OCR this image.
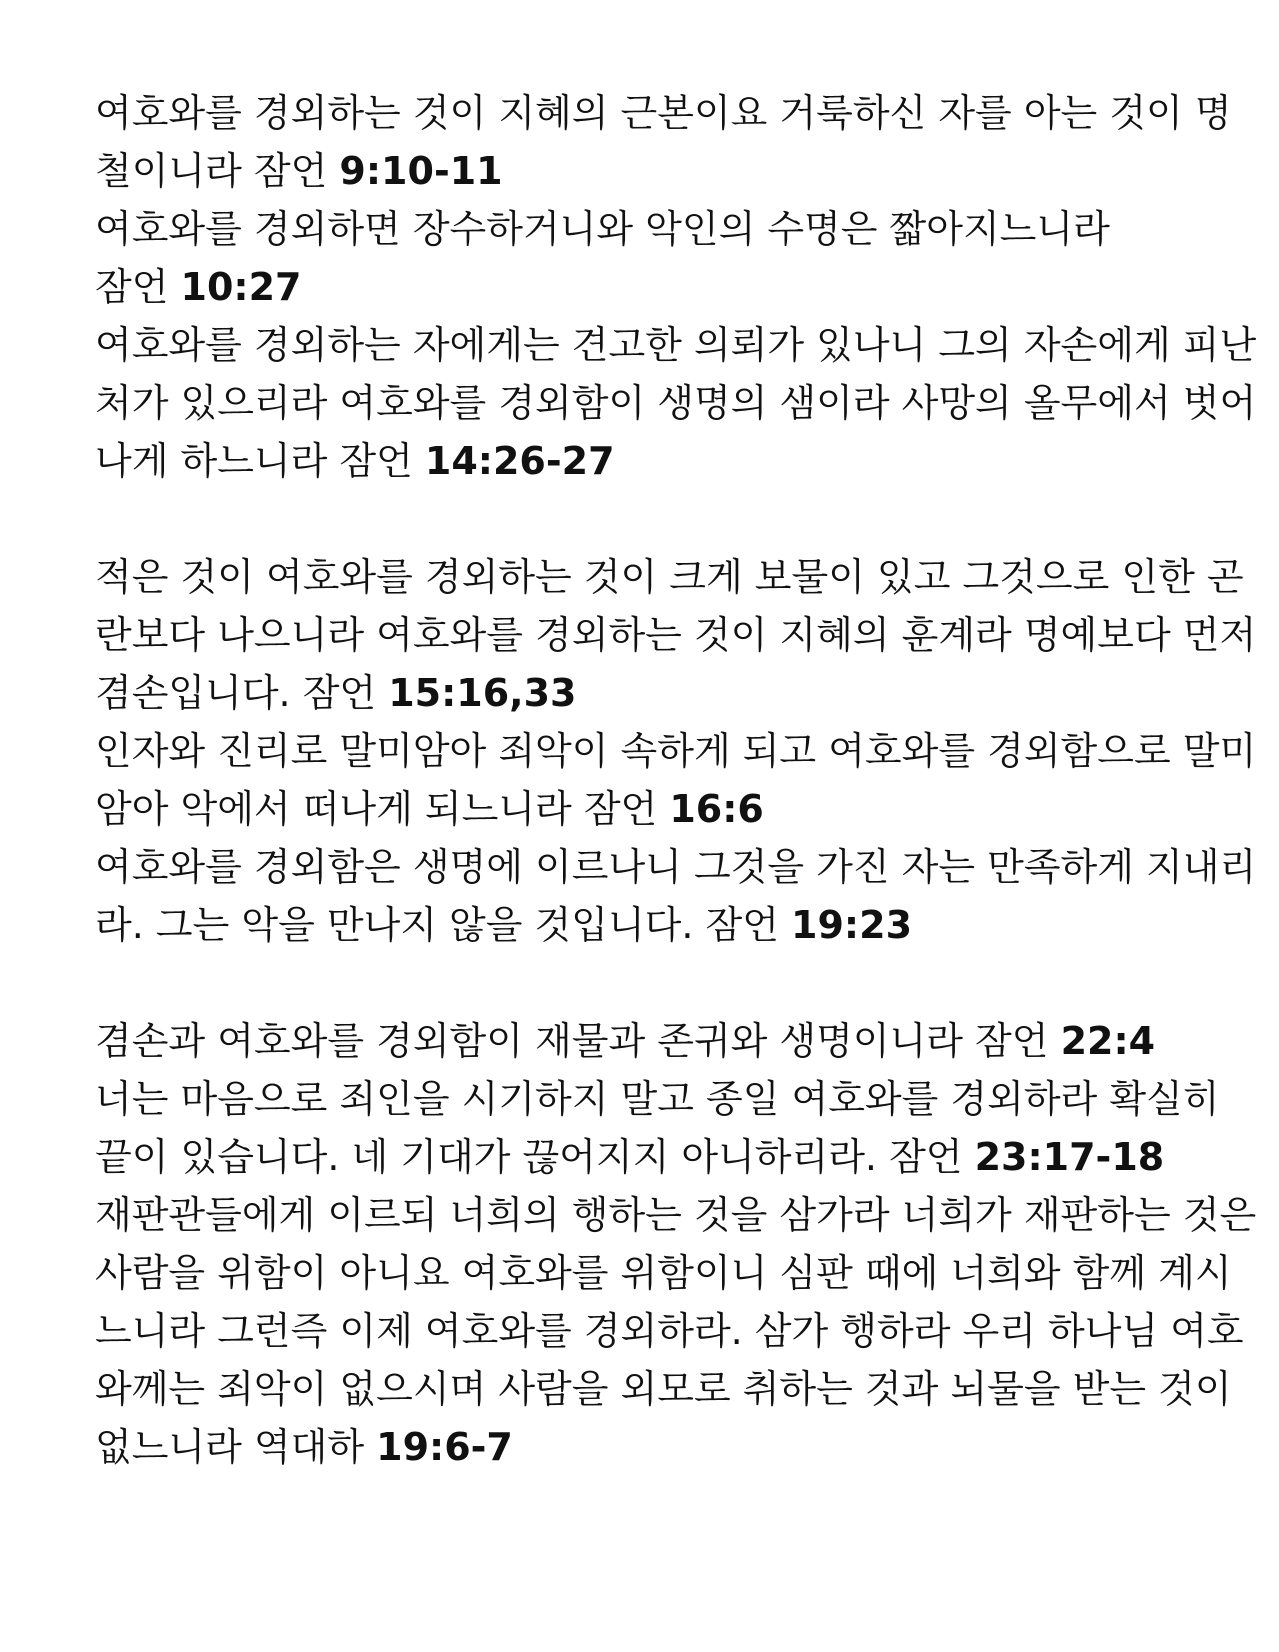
여호와를 경외하는 것이 지혜의 근본이요 거룩하신 자를 아는 것이 명
철이니라 잠언 9:10-11
여호와를 경외하면 장수하거니와 악인의 수명은 짧아지느니라
잠언 10:27
여호와를 경외하는 자에게는 견고한 의뢰가 있나니 그의 자손에게 피난
처가 있으리라 여호와를 경외함이 생명의 샘이라 사망의 올무에서 벗어
나게 하느니라 잠언 14:26-27
적은 것이 여호와를 경외하는 것이 크게 보물이 있고 그것으로 인한 곤
란보다 나으니라 여호와를 경외하는 것이 지혜의 훈계라 명예보다 먼저
겸손입니다. 잠언 15:16,33
인자와 진리로 말미암아 죄악이 속하게 되고 여호와를 경외함으로 말미
암아 악에서 떠나게 되느니라 잠언 16:6
여호와를 경외함은 생명에 이르나니 그것을 가진 자는 만족하게 지내리
라. 그는 악을 만나지 않을 것입니다. 잠언 19:23
겸손과 여호와를 경외함이 재물과 존귀와 생명이니라 잠언 22:4
너는 마음으로 죄인을 시기하지 말고 종일 여호와를 경외하라 확실히
끝이 있습니다. 네 기대가 끊어지지 아니하리라. 잠언 23:17-18
재판관들에게 이르되 너희의 행하는 것을 삼가라 너희가 재판하는 것은
사람을 위함이 아니요 여호와를 위함이니 심판 때에 너희와 함께 계시
느니라 그런즉 이제 여호와를 경외하라. 삼가 행하라 우리 하나님 여호
와께는 죄악이 없으시며 사람을 외모로 취하는 것과 뇌물을 받는 것이
없느니라 역대하 19:6-7
